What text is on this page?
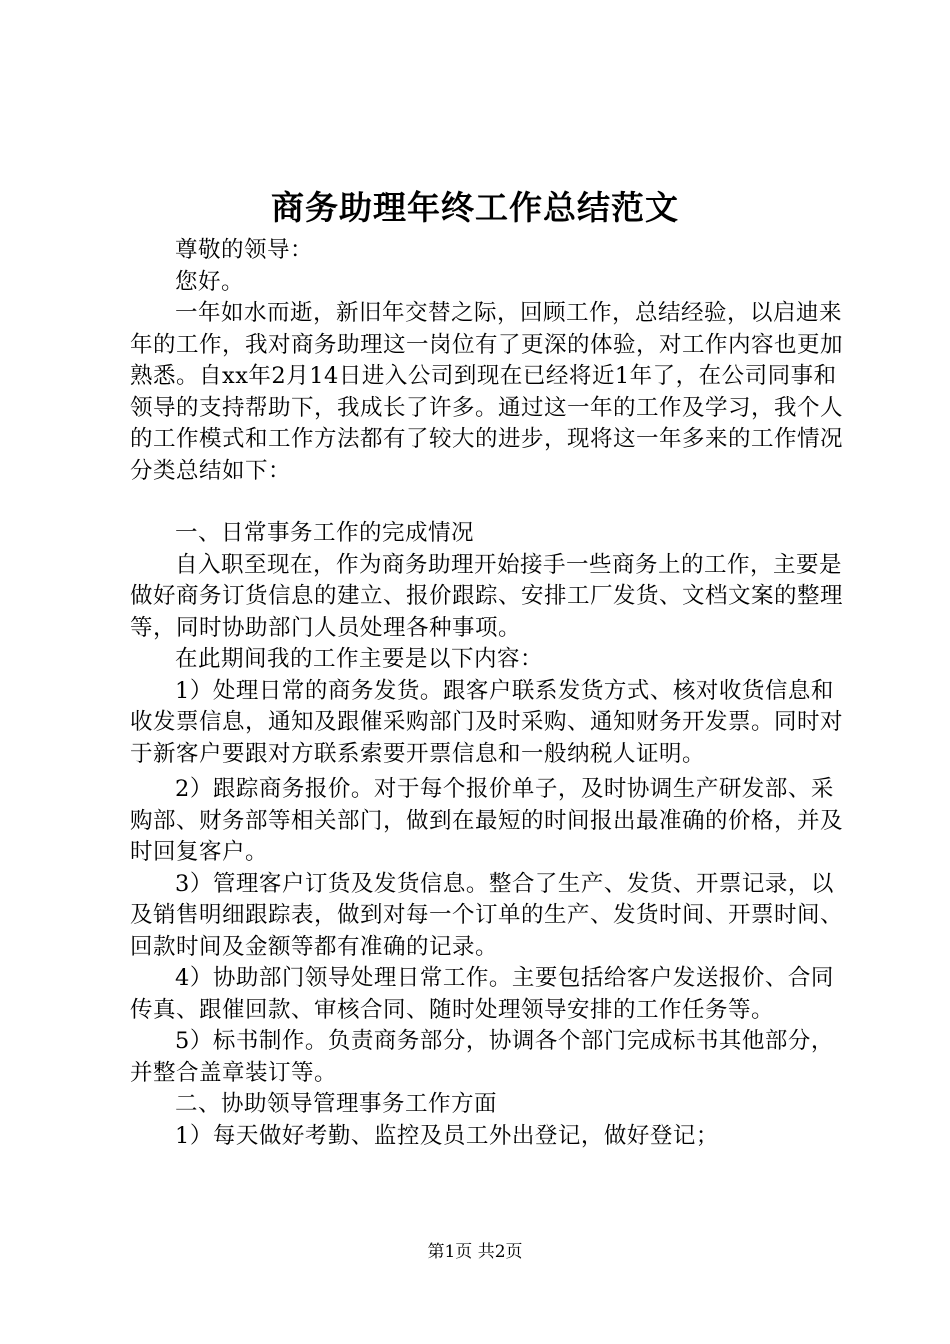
商务助理年终工作总结范文

尊敬的领导：

您好。

一年如水而逝，新旧年交替之际，回顾工作，总结经验，以启迪来年的工作，我对商务助理这一岗位有了更深的体验，对工作内容也更加熟悉。自xx年2月14日进入公司到现在已经将近1年了，在公司同事和领导的支持帮助下，我成长了许多。通过这一年的工作及学习，我个人的工作模式和工作方法都有了较大的进步，现将这一年多来的工作情况分类总结如下：

一、日常事务工作的完成情况

自入职至现在，作为商务助理开始接手一些商务上的工作，主要是做好商务订货信息的建立、报价跟踪、安排工厂发货、文档文案的整理等，同时协助部门人员处理各种事项。

在此期间我的工作主要是以下内容：

1）处理日常的商务发货。跟客户联系发货方式、核对收货信息和收发票信息，通知及跟催采购部门及时采购、通知财务开发票。同时对于新客户要跟对方联系索要开票信息和一般纳税人证明。

2）跟踪商务报价。对于每个报价单子，及时协调生产研发部、采购部、财务部等相关部门，做到在最短的时间报出最准确的价格，并及时回复客户。

3）管理客户订货及发货信息。整合了生产、发货、开票记录，以及销售明细跟踪表，做到对每一个订单的生产、发货时间、开票时间、回款时间及金额等都有准确的记录。

4）协助部门领导处理日常工作。主要包括给客户发送报价、合同传真、跟催回款、审核合同、随时处理领导安排的工作任务等。

5）标书制作。负责商务部分，协调各个部门完成标书其他部分，并整合盖章装订等。

二、协助领导管理事务工作方面

1）每天做好考勤、监控及员工外出登记，做好登记；

第1页 共2页
